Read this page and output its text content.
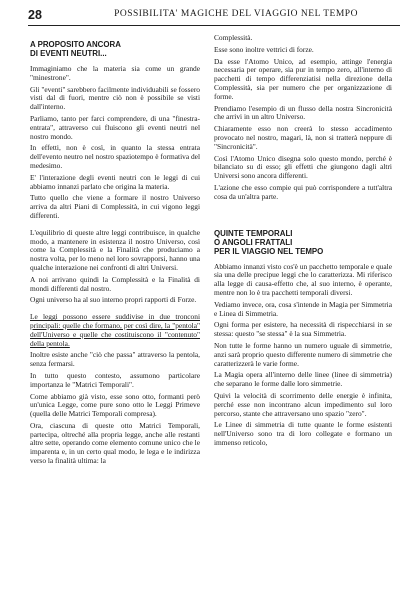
28	POSSIBILITA' MAGICHE DEL VIAGGIO NEL TEMPO
A PROPOSITO ANCORA
DI EVENTI NEUTRI...

Immaginiamo che la materia sia come un grande "minestrone".

Gli "eventi" sarebbero facilmente individuabili se fossero visti dal di fuori, mentre ciò non è possibile se visti dall'interno.

Parliamo, tanto per farci comprendere, di una "finestra-entrata", attraverso cui fluiscono gli eventi neutri nel nostro mondo.

In effetti, non è così, in quanto la stessa entrata dell'evento neutro nel nostro spaziotempo è formativa del medesimo.

E' l'interazione degli eventi neutri con le leggi di cui abbiamo innanzi parlato che origina la materia.

Tutto quello che viene a formare il nostro Universo arriva da altri Piani di Complessità, in cui vigono leggi differenti.

L'equilibrio di queste altre leggi contribuisce, in qualche modo, a mantenere in esistenza il nostro Universo, così come la Complessità e la Finalità che produciamo a nostra volta, per lo meno nel loro sovrapporsi, hanno una qualche interazione nei confronti di altri Universi.

A noi arrivano quindi la Complessità e la Finalità di mondi differenti dal nostro.

Ogni universo ha al suo interno propri rapporti di Forze.

Le leggi possono essere suddivise in due tronconi principali: quelle che formano, per così dire, la "pentola" dell'Universo e quelle che costituiscono il "contenuto" della pentola.

Inoltre esiste anche "ciò che passa" attraverso la pentola, senza fermarsi.

In tutto questo contesto, assumono particolare importanza le "Matrici Temporali".

Come abbiamo già visto, esse sono otto, formanti però un'unica Legge, come pure sono otto le Leggi Primeve (quella delle Matrici Temporali compresa).

Ora, ciascuna di queste otto Matrici Temporali, partecipa, oltreché alla propria legge, anche alle restanti altre sette, operando come elemento comune unico che le imparenta e, in un certo qual modo, le lega e le indirizza verso la finalità ultima: la

Complessità.

Esse sono inoltre vettrici di forze.

Da esse l'Atomo Unico, ad esempio, attinge l'energia necessaria per operare, sia pur in tempo zero, all'interno di pacchetti di tempo differenziatisi nella direzione della Complessità, sia per numero che per organizzazione di forme.

Prendiamo l'esempio di un flusso della nostra Sincronicità che arrivi in un altro Universo.

Chiaramente esso non creerà lo stesso accadimento provocato nel nostro, magari, là, non si tratterà neppure di "Sincronicità".

Così l'Atomo Unico disegna solo questo mondo, perché è bilanciato su di esso; gli effetti che giungono dagli altri Universi sono ancora differenti.

L'azione che esso compie qui può corrispondere a tutt'altra cosa da un'altra parte.

QUINTE TEMPORALI
O ANGOLI FRATTALI
PER IL VIAGGIO NEL TEMPO

Abbiamo innanzi visto cos'è un pacchetto temporale e quale sia una delle precipue leggi che lo caratterizza. Mi riferisco alla legge di causa-effetto che, al suo interno, è operante, mentre non lo è tra pacchetti temporali diversi.

Vediamo invece, ora, cosa s'intende in Magia per Simmetria e Linea di Simmetria.

Ogni forma per esistere, ha necessità di rispecchiarsi in se stessa: questo "se stessa" è la sua Simmetria.

Non tutte le forme hanno un numero uguale di simmetrie, anzi sarà proprio questo differente numero di simmetrie che caratterizzerà le varie forme.

La Magia opera all'interno delle linee (linee di simmetria) che separano le forme dalle loro simmetrie.

Quivi la velocità di scorrimento delle energie è infinita, perché esse non incontrano alcun impedimento sul loro percorso, stante che attraversano uno spazio "zero".

Le Linee di simmetria di tutte quante le forme esistenti nell'Universo sono tra di loro collegate e formano un immenso reticolo,
